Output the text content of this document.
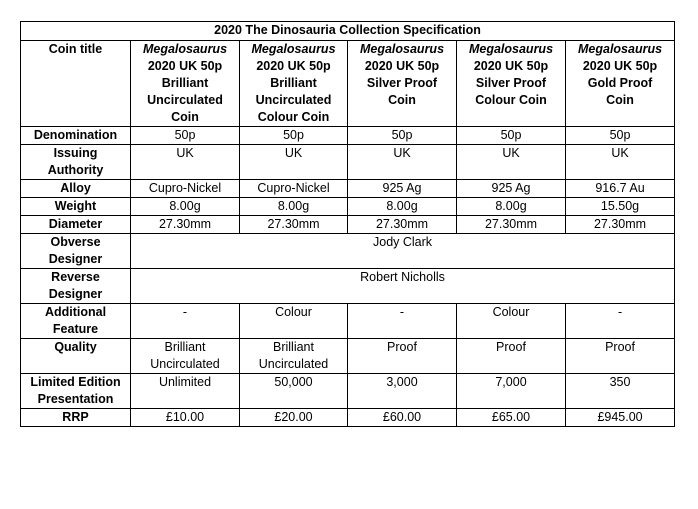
2020 The Dinosauria Collection Specification					
Coin title	Megalosaurus
2020 UK 50p
Brilliant
Uncirculated
Coin	Megalosaurus
2020 UK 50p
Brilliant
Uncirculated
Colour Coin	Megalosaurus
2020 UK 50p
Silver Proof
Coin	Megalosaurus
2020 UK 50p
Silver Proof
Colour Coin	Megalosaurus
2020 UK 50p
Gold Proof
Coin
Denomination	50p	50p	50p	50p	50p
Issuing
Authority	UK	UK	UK	UK	UK
Alloy	Cupro-Nickel	Cupro-Nickel	925 Ag	925 Ag	916.7 Au
Weight	8.00g	8.00g	8.00g	8.00g	15.50g
Diameter	27.30mm	27.30mm	27.30mm	27.30mm	27.30mm
Obverse
Designer	Jody Clark				
Reverse
Designer	Robert Nicholls				
Additional
Feature	-	Colour	-	Colour	-
Quality	Brilliant
Uncirculated	Brilliant
Uncirculated	Proof	Proof	Proof
Limited Edition
Presentation	Unlimited	50,000	3,000	7,000	350
RRP	£10.00	£20.00	£60.00	£65.00	£945.00
